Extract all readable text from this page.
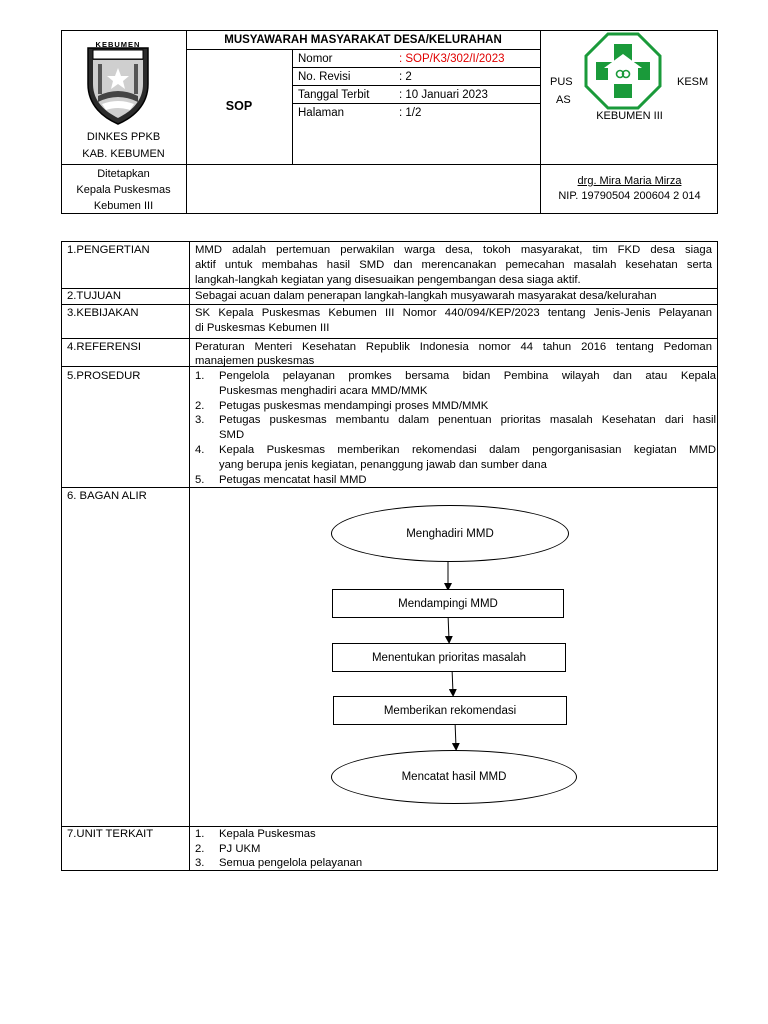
KEBUMEN
DINKES PPKB
KAB. KEBUMEN
MUSYAWARAH MASYARAKAT DESA/KELURAHAN
SOP
Nomor	: SOP/K3/302/I/2023
No. Revisi	: 2
Tanggal Terbit	: 10 Januari 2023
Halaman	: 1/2
PUS
AS
KESM
KEBUMEN III
Ditetapkan
Kepala Puskesmas
Kebumen III
drg. Mira Maria Mirza
NIP. 19790504 200604 2 014
1.PENGERTIAN	MMD adalah pertemuan perwakilan warga desa, tokoh masyarakat, tim FKD desa siaga
aktif untuk membahas hasil SMD dan merencanakan pemecahan masalah kesehatan serta
langkah-langkah kegiatan yang disesuaikan pengembangan desa siaga aktif.
2.TUJUAN	Sebagai acuan dalam penerapan langkah-langkah musyawarah masyarakat desa/kelurahan
3.KEBIJAKAN	SK Kepala Puskesmas Kebumen III Nomor 440/094/KEP/2023 tentang Jenis-Jenis Pelayanan
di Puskesmas Kebumen III
4.REFERENSI	Peraturan Menteri Kesehatan Republik Indonesia nomor 44 tahun 2016 tentang Pedoman
manajemen puskesmas
5.PROSEDUR	1. Pengelola pelayanan promkes bersama bidan Pembina wilayah dan atau Kepala
Puskesmas menghadiri acara MMD/MMK
2. Petugas puskesmas mendampingi proses MMD/MMK
3. Petugas puskesmas membantu dalam penentuan prioritas masalah Kesehatan dari hasil
SMD
4. Kepala Puskesmas memberikan rekomendasi dalam pengorganisasian kegiatan MMD
yang berupa jenis kegiatan, penanggung jawab dan sumber dana
5. Petugas mencatat hasil MMD
6. BAGAN ALIR
Menghadiri MMD
Mendampingi MMD
Menentukan prioritas masalah
Memberikan rekomendasi
Mencatat hasil MMD
7.UNIT TERKAIT	1. Kepala Puskesmas
2. PJ UKM
3. Semua pengelola pelayanan
